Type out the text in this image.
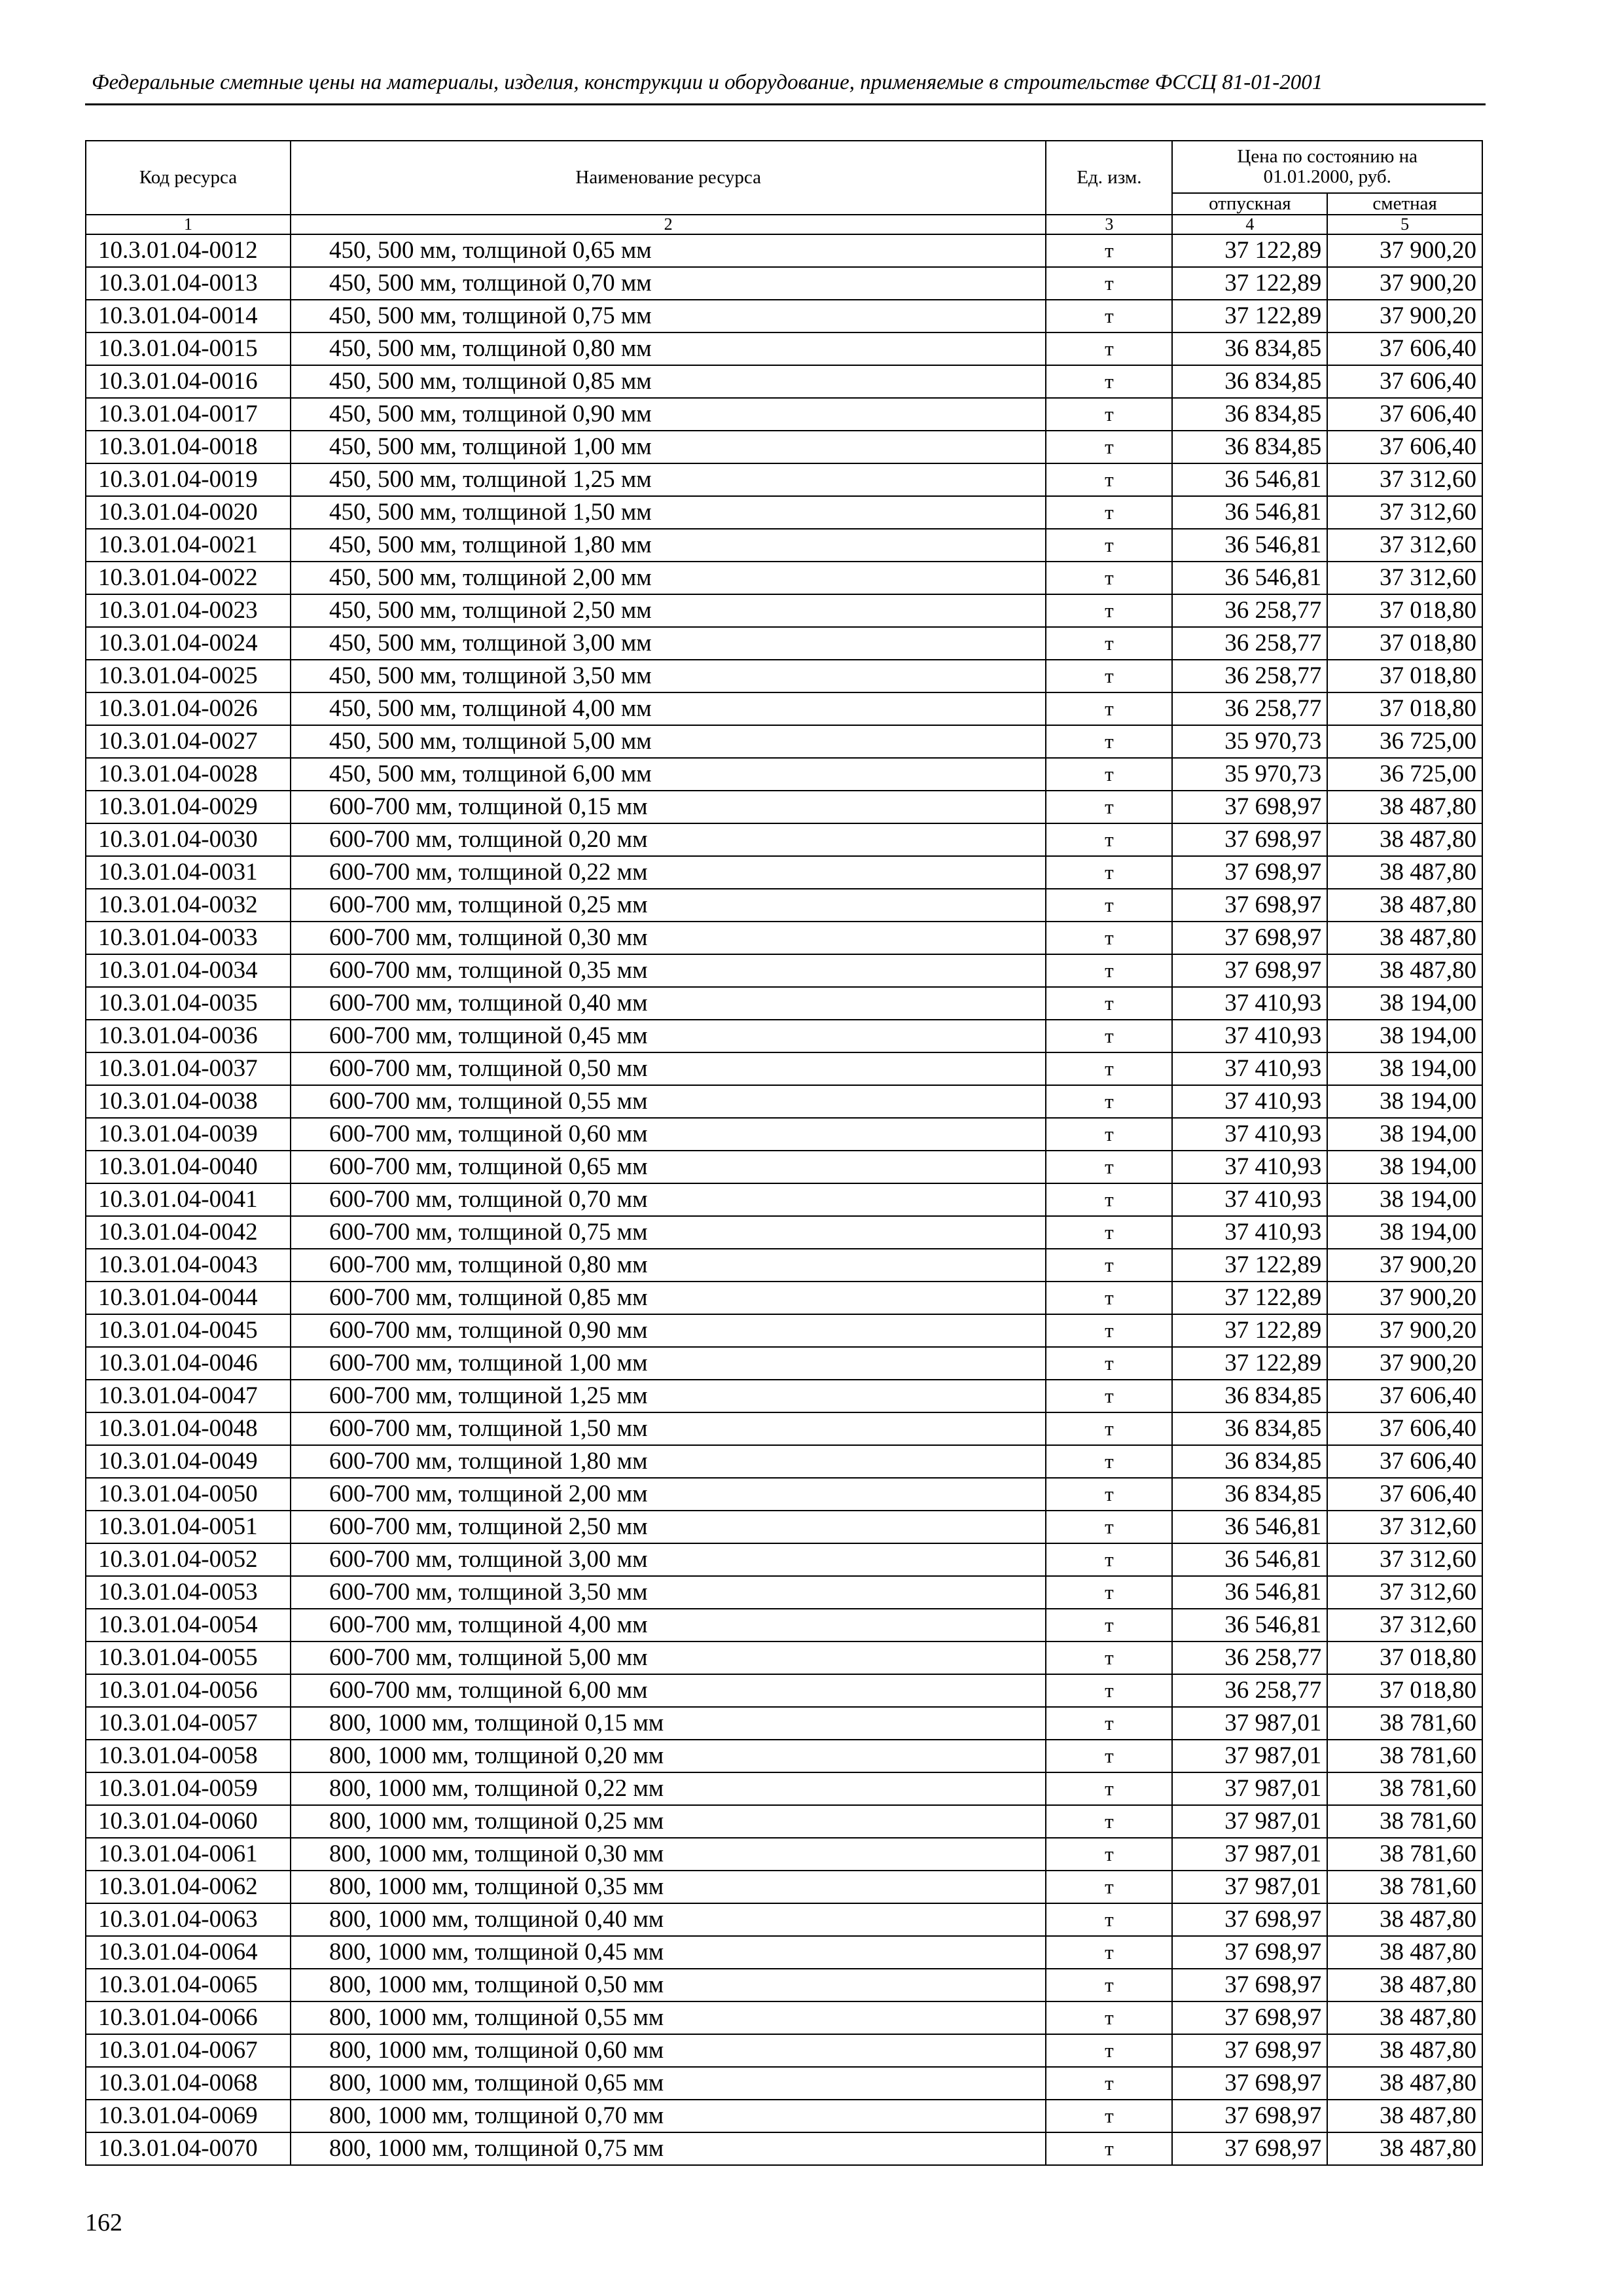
Федеральные сметные цены на материалы, изделия, конструкции и оборудование, применяемые в строительстве ФССЦ 81-01-2001
Код ресурса	Наименование ресурса	Ед. изм.	Цена по состоянию на
01.01.2000, руб.	
			отпускная	сметная
1	2	3	4	5
10.3.01.04-0012	450, 500 мм, толщиной 0,65 мм	т	37 122,89	37 900,20
10.3.01.04-0013	450, 500 мм, толщиной 0,70 мм	т	37 122,89	37 900,20
10.3.01.04-0014	450, 500 мм, толщиной 0,75 мм	т	37 122,89	37 900,20
10.3.01.04-0015	450, 500 мм, толщиной 0,80 мм	т	36 834,85	37 606,40
10.3.01.04-0016	450, 500 мм, толщиной 0,85 мм	т	36 834,85	37 606,40
10.3.01.04-0017	450, 500 мм, толщиной 0,90 мм	т	36 834,85	37 606,40
10.3.01.04-0018	450, 500 мм, толщиной 1,00 мм	т	36 834,85	37 606,40
10.3.01.04-0019	450, 500 мм, толщиной 1,25 мм	т	36 546,81	37 312,60
10.3.01.04-0020	450, 500 мм, толщиной 1,50 мм	т	36 546,81	37 312,60
10.3.01.04-0021	450, 500 мм, толщиной 1,80 мм	т	36 546,81	37 312,60
10.3.01.04-0022	450, 500 мм, толщиной 2,00 мм	т	36 546,81	37 312,60
10.3.01.04-0023	450, 500 мм, толщиной 2,50 мм	т	36 258,77	37 018,80
10.3.01.04-0024	450, 500 мм, толщиной 3,00 мм	т	36 258,77	37 018,80
10.3.01.04-0025	450, 500 мм, толщиной 3,50 мм	т	36 258,77	37 018,80
10.3.01.04-0026	450, 500 мм, толщиной 4,00 мм	т	36 258,77	37 018,80
10.3.01.04-0027	450, 500 мм, толщиной 5,00 мм	т	35 970,73	36 725,00
10.3.01.04-0028	450, 500 мм, толщиной 6,00 мм	т	35 970,73	36 725,00
10.3.01.04-0029	600-700 мм, толщиной 0,15 мм	т	37 698,97	38 487,80
10.3.01.04-0030	600-700 мм, толщиной 0,20 мм	т	37 698,97	38 487,80
10.3.01.04-0031	600-700 мм, толщиной 0,22 мм	т	37 698,97	38 487,80
10.3.01.04-0032	600-700 мм, толщиной 0,25 мм	т	37 698,97	38 487,80
10.3.01.04-0033	600-700 мм, толщиной 0,30 мм	т	37 698,97	38 487,80
10.3.01.04-0034	600-700 мм, толщиной 0,35 мм	т	37 698,97	38 487,80
10.3.01.04-0035	600-700 мм, толщиной 0,40 мм	т	37 410,93	38 194,00
10.3.01.04-0036	600-700 мм, толщиной 0,45 мм	т	37 410,93	38 194,00
10.3.01.04-0037	600-700 мм, толщиной 0,50 мм	т	37 410,93	38 194,00
10.3.01.04-0038	600-700 мм, толщиной 0,55 мм	т	37 410,93	38 194,00
10.3.01.04-0039	600-700 мм, толщиной 0,60 мм	т	37 410,93	38 194,00
10.3.01.04-0040	600-700 мм, толщиной 0,65 мм	т	37 410,93	38 194,00
10.3.01.04-0041	600-700 мм, толщиной 0,70 мм	т	37 410,93	38 194,00
10.3.01.04-0042	600-700 мм, толщиной 0,75 мм	т	37 410,93	38 194,00
10.3.01.04-0043	600-700 мм, толщиной 0,80 мм	т	37 122,89	37 900,20
10.3.01.04-0044	600-700 мм, толщиной 0,85 мм	т	37 122,89	37 900,20
10.3.01.04-0045	600-700 мм, толщиной 0,90 мм	т	37 122,89	37 900,20
10.3.01.04-0046	600-700 мм, толщиной 1,00 мм	т	37 122,89	37 900,20
10.3.01.04-0047	600-700 мм, толщиной 1,25 мм	т	36 834,85	37 606,40
10.3.01.04-0048	600-700 мм, толщиной 1,50 мм	т	36 834,85	37 606,40
10.3.01.04-0049	600-700 мм, толщиной 1,80 мм	т	36 834,85	37 606,40
10.3.01.04-0050	600-700 мм, толщиной 2,00 мм	т	36 834,85	37 606,40
10.3.01.04-0051	600-700 мм, толщиной 2,50 мм	т	36 546,81	37 312,60
10.3.01.04-0052	600-700 мм, толщиной 3,00 мм	т	36 546,81	37 312,60
10.3.01.04-0053	600-700 мм, толщиной 3,50 мм	т	36 546,81	37 312,60
10.3.01.04-0054	600-700 мм, толщиной 4,00 мм	т	36 546,81	37 312,60
10.3.01.04-0055	600-700 мм, толщиной 5,00 мм	т	36 258,77	37 018,80
10.3.01.04-0056	600-700 мм, толщиной 6,00 мм	т	36 258,77	37 018,80
10.3.01.04-0057	800, 1000 мм, толщиной 0,15 мм	т	37 987,01	38 781,60
10.3.01.04-0058	800, 1000 мм, толщиной 0,20 мм	т	37 987,01	38 781,60
10.3.01.04-0059	800, 1000 мм, толщиной 0,22 мм	т	37 987,01	38 781,60
10.3.01.04-0060	800, 1000 мм, толщиной 0,25 мм	т	37 987,01	38 781,60
10.3.01.04-0061	800, 1000 мм, толщиной 0,30 мм	т	37 987,01	38 781,60
10.3.01.04-0062	800, 1000 мм, толщиной 0,35 мм	т	37 987,01	38 781,60
10.3.01.04-0063	800, 1000 мм, толщиной 0,40 мм	т	37 698,97	38 487,80
10.3.01.04-0064	800, 1000 мм, толщиной 0,45 мм	т	37 698,97	38 487,80
10.3.01.04-0065	800, 1000 мм, толщиной 0,50 мм	т	37 698,97	38 487,80
10.3.01.04-0066	800, 1000 мм, толщиной 0,55 мм	т	37 698,97	38 487,80
10.3.01.04-0067	800, 1000 мм, толщиной 0,60 мм	т	37 698,97	38 487,80
10.3.01.04-0068	800, 1000 мм, толщиной 0,65 мм	т	37 698,97	38 487,80
10.3.01.04-0069	800, 1000 мм, толщиной 0,70 мм	т	37 698,97	38 487,80
10.3.01.04-0070	800, 1000 мм, толщиной 0,75 мм	т	37 698,97	38 487,80
162
